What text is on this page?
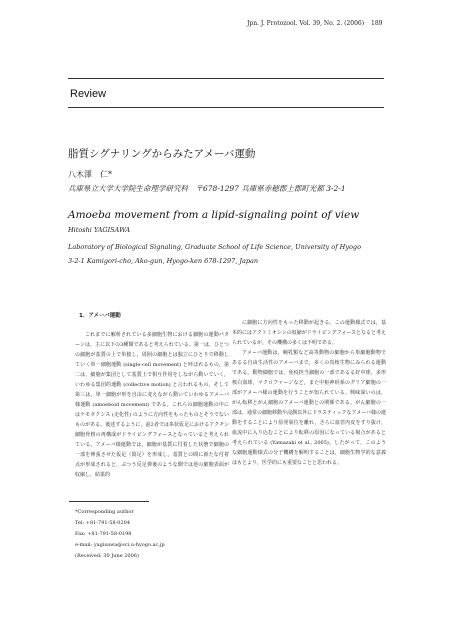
Jpn. J. Protozool. Vol. 39, No. 2. (2006) 189
Review
脂質シグナリングからみたアメーバ運動
八木澤　仁*
兵庫県立大学大学院生命理学研究科　〒678-1297 兵庫県赤穂郡上郡町光都 3-2-1
Amoeba movement from a lipid-signaling point of view
Hitoshi YAGISAWA
Laboratory of Biological Signaling, Graduate School of Life Science, University of Hyogo
3-2-1 Kamigori-cho, Ako-gun, Hyogo-ken 678-1297, Japan
1．アメーバ運動

これまでに解析されている多細胞生物における細胞の運動パターンは，主に以下の3種類であると考えられている。第一は，ひとつの細胞が基質の上で単独し，周囲の細胞とは独立にひとりで移動していく単一細胞運動 (single-cell movement) と呼ばれるもの，第二は，細胞が集団として基質上で相互作用をしながら動いていく，いわゆる集団的運動 (collective motion) と言われるもの，そして第三は，単一細胞が形を自由に変えながら動いていわゆるアメーバ様運動 (amoeboid movement) である。これらの細胞運動の中にはケモタクシス (走化性) のように方向性をもったものとそうでないものがある。後述するように，前2者では糸状仮足におけるアクチン細胞骨格の再構成がドライビングフォースとなっていると考えられている。アメーバ様運動では，細胞が基質に付着した状態で細胞の一部を伸張させた仮足（偽足）を形成し，基質との間に新たな付着点が形成されると，ぶつう反足弾後のような側では逆の細胞表面が収縮し，結果的

に細胞に方向性をもった移動が起きる。この運動様式では，基本的にはアクトミオシンの収縮がドライビングフォースとなると考えられているが，その機構の多くは不明である。

アメーバ運動は，哺乳類など高等動物の細胞から単細胞動物であるる自由生活性のアメーバまで，多くの真核生物にみられる運動である。動物細胞では，免疫担当細胞の一部であるる好中球，多形核白血球，マクロファージなど，また中枢神経系のグリア細胞の一部がアメーバ様の運動を行うことが知られている。興味深いのは，がん転移とがん細胞のアメーバ運動との関係である。がん細胞の一部は，通常の細胞移動や浸潤以外にドラスティックなアメーバ様の運動をすることにより原発巣位を離れ，さらに血管内皮をすり抜け，血流中に入り込むことにより転移の原因になっている場合があると考えられている (Yamazaki et al., 2005)。したがって，このような細胞運動様式の分子機構を解明することは，細胞生物学的な意義はもとより，医学的にも重要なことと思われる。

*Corresponding author
Tel: +81-791-58-0204
Fax: +81-791-58-0198
e-mail: yagisawa@sci.u-hyogo.ac.jp
(Received: 30 June 2006)
